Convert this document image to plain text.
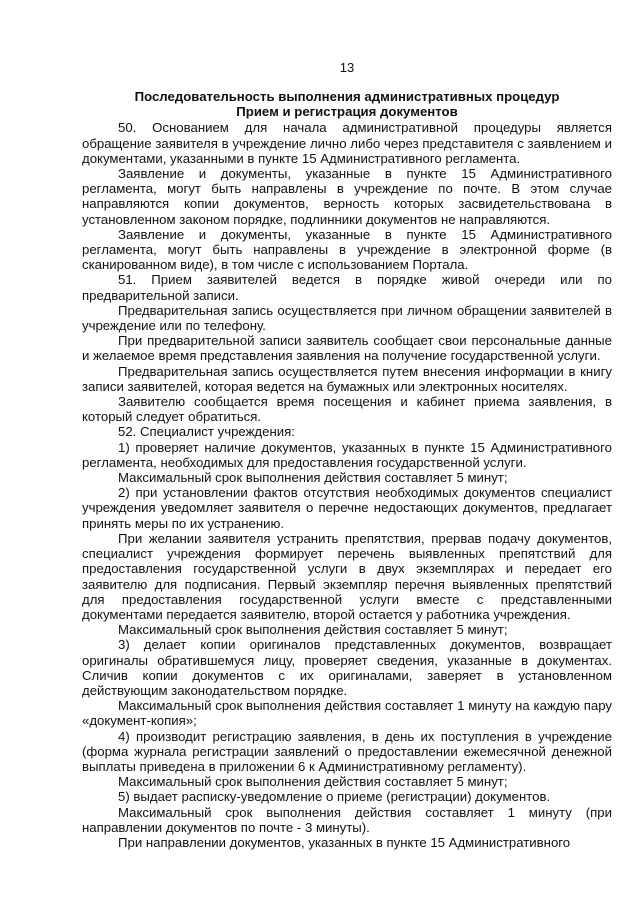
13
Последовательность выполнения административных процедур
Прием и регистрация документов

50. Основанием для начала административной процедуры является обращение заявителя в учреждение лично либо через представителя с заявлением и документами, указанными в пункте 15 Административного регламента.

Заявление и документы, указанные в пункте 15 Административного регламента, могут быть направлены в учреждение по почте. В этом случае направляются копии документов, верность которых засвидетельствована в установленном законом порядке, подлинники документов не направляются.

Заявление и документы, указанные в пункте 15 Административного регламента, могут быть направлены в учреждение в электронной форме (в сканированном виде), в том числе с использованием Портала.

51. Прием заявителей ведется в порядке живой очереди или по предварительной записи.

Предварительная запись осуществляется при личном обращении заявителей в учреждение или по телефону.

При предварительной записи заявитель сообщает свои персональные данные и желаемое время представления заявления на получение государственной услуги.

Предварительная запись осуществляется путем внесения информации в книгу записи заявителей, которая ведется на бумажных или электронных носителях.

Заявителю сообщается время посещения и кабинет приема заявления, в который следует обратиться.

52. Специалист учреждения:

1) проверяет наличие документов, указанных в пункте 15 Административного регламента, необходимых для предоставления государственной услуги.

Максимальный срок выполнения действия составляет 5 минут;

2) при установлении фактов отсутствия необходимых документов специалист учреждения уведомляет заявителя о перечне недостающих документов, предлагает принять меры по их устранению.

При желании заявителя устранить препятствия, прервав подачу документов, специалист учреждения формирует перечень выявленных препятствий для предоставления государственной услуги в двух экземплярах и передает его заявителю для подписания. Первый экземпляр перечня выявленных препятствий для предоставления государственной услуги вместе с представленными документами передается заявителю, второй остается у работника учреждения.

Максимальный срок выполнения действия составляет 5 минут;

3) делает копии оригиналов представленных документов, возвращает оригиналы обратившемуся лицу, проверяет сведения, указанные в документах. Сличив копии документов с их оригиналами, заверяет в установленном действующим законодательством порядке.

Максимальный срок выполнения действия составляет 1 минуту на каждую пару «документ-копия»;

4) производит регистрацию заявления, в день их поступления в учреждение (форма журнала регистрации заявлений о предоставлении ежемесячной денежной выплаты приведена в приложении 6 к Административному регламенту).

Максимальный срок выполнения действия составляет 5 минут;

5) выдает расписку-уведомление о приеме (регистрации) документов.

Максимальный срок выполнения действия составляет 1 минуту (при направлении документов по почте - 3 минуты).

При направлении документов, указанных в пункте 15 Административного
